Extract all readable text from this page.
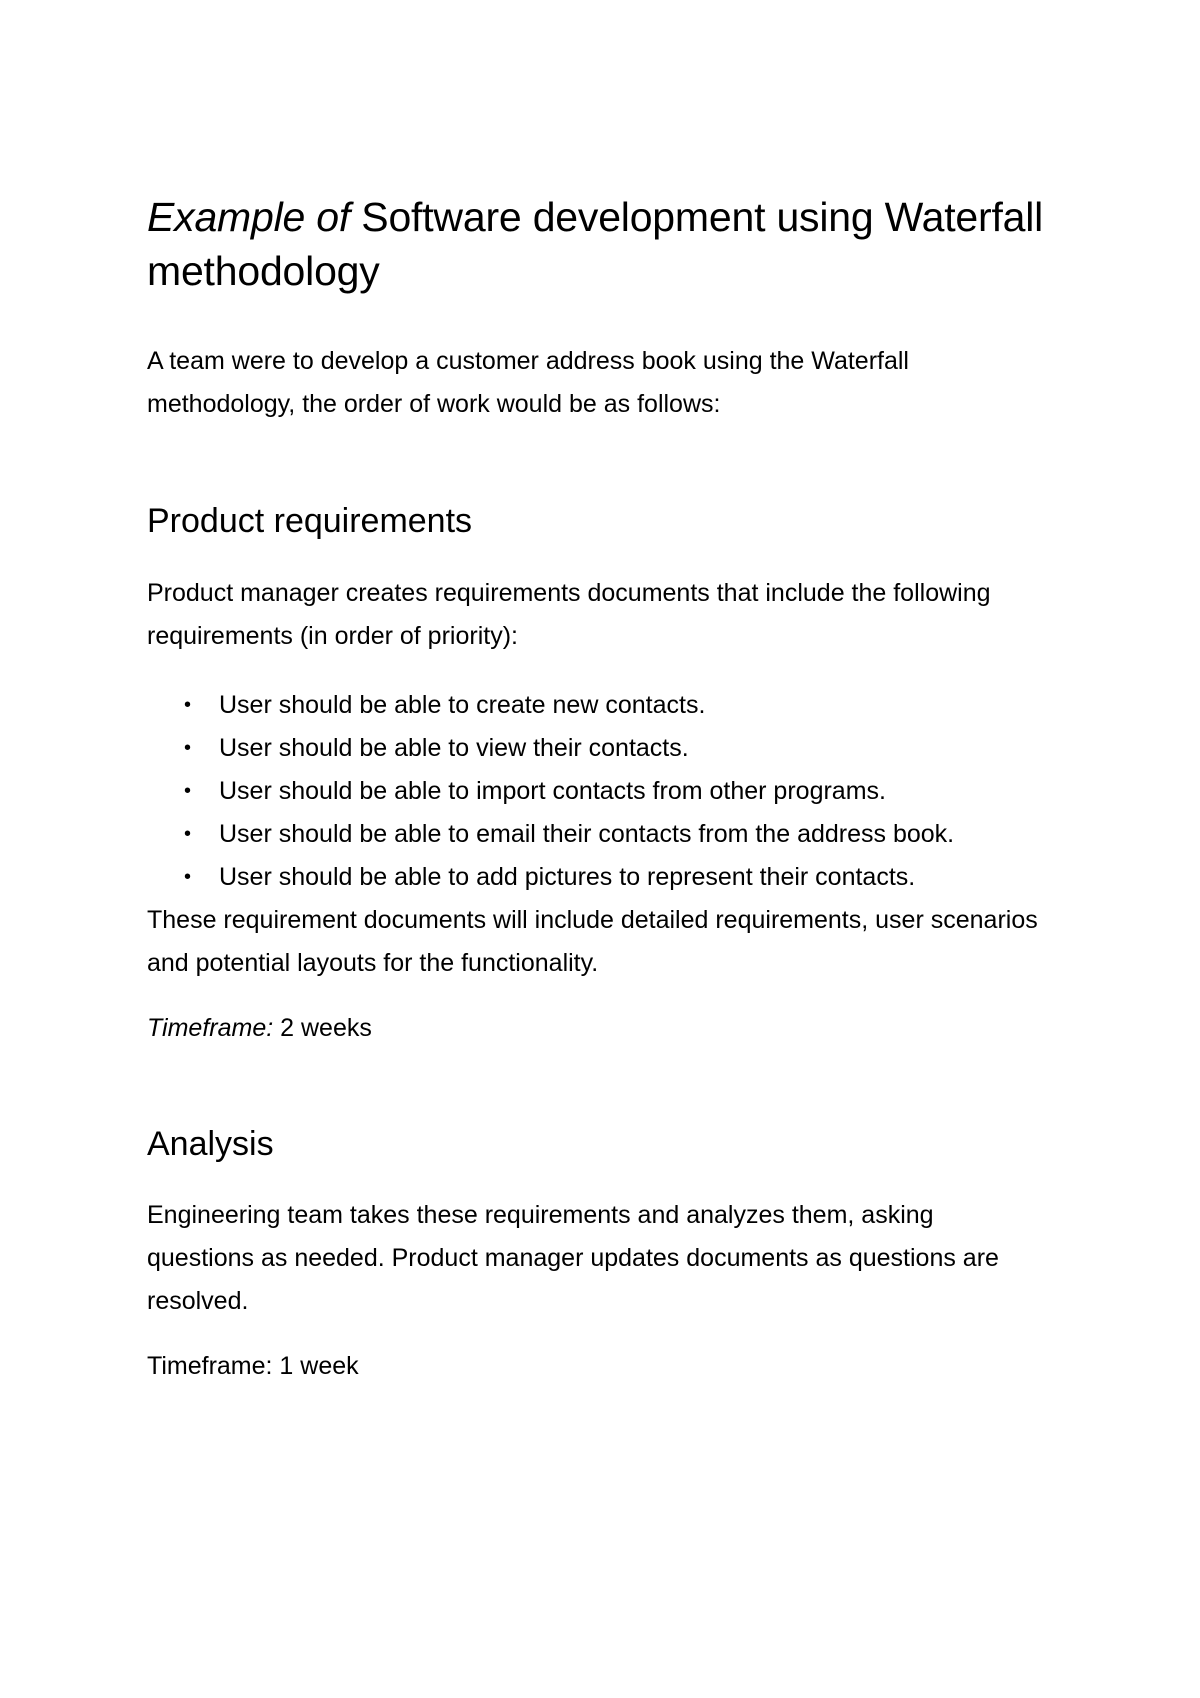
Example of Software development using Waterfall methodology

A team were to develop a customer address book using the Waterfall methodology, the order of work would be as follows:

Product requirements

Product manager creates requirements documents that include the following requirements (in order of priority):

• User should be able to create new contacts.
• User should be able to view their contacts.
• User should be able to import contacts from other programs.
• User should be able to email their contacts from the address book.
• User should be able to add pictures to represent their contacts.

These requirement documents will include detailed requirements, user scenarios and potential layouts for the functionality.

Timeframe: 2 weeks

Analysis

Engineering team takes these requirements and analyzes them, asking questions as needed. Product manager updates documents as questions are resolved.

Timeframe: 1 week
